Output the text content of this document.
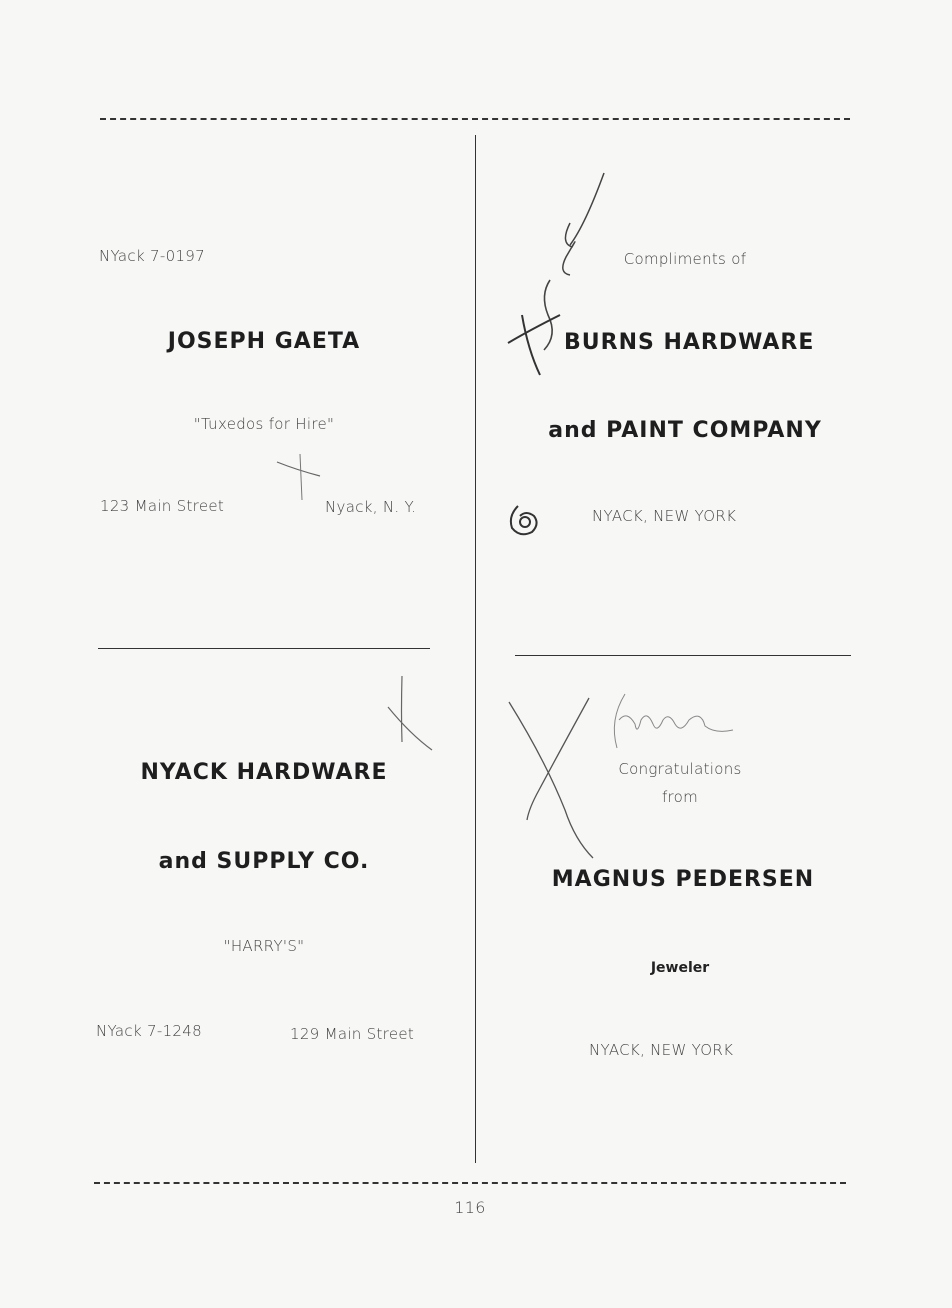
NYack 7-0197
JOSEPH GAETA
"Tuxedos for Hire"
123 Main Street	Nyack, N. Y.
NYACK HARDWARE
and SUPPLY CO.
"HARRY'S"
NYack 7-1248	129 Main Street
Compliments of
BURNS HARDWARE
and PAINT COMPANY
NYACK, NEW YORK
Congratulations
from
MAGNUS PEDERSEN
Jeweler
NYACK, NEW YORK
116
